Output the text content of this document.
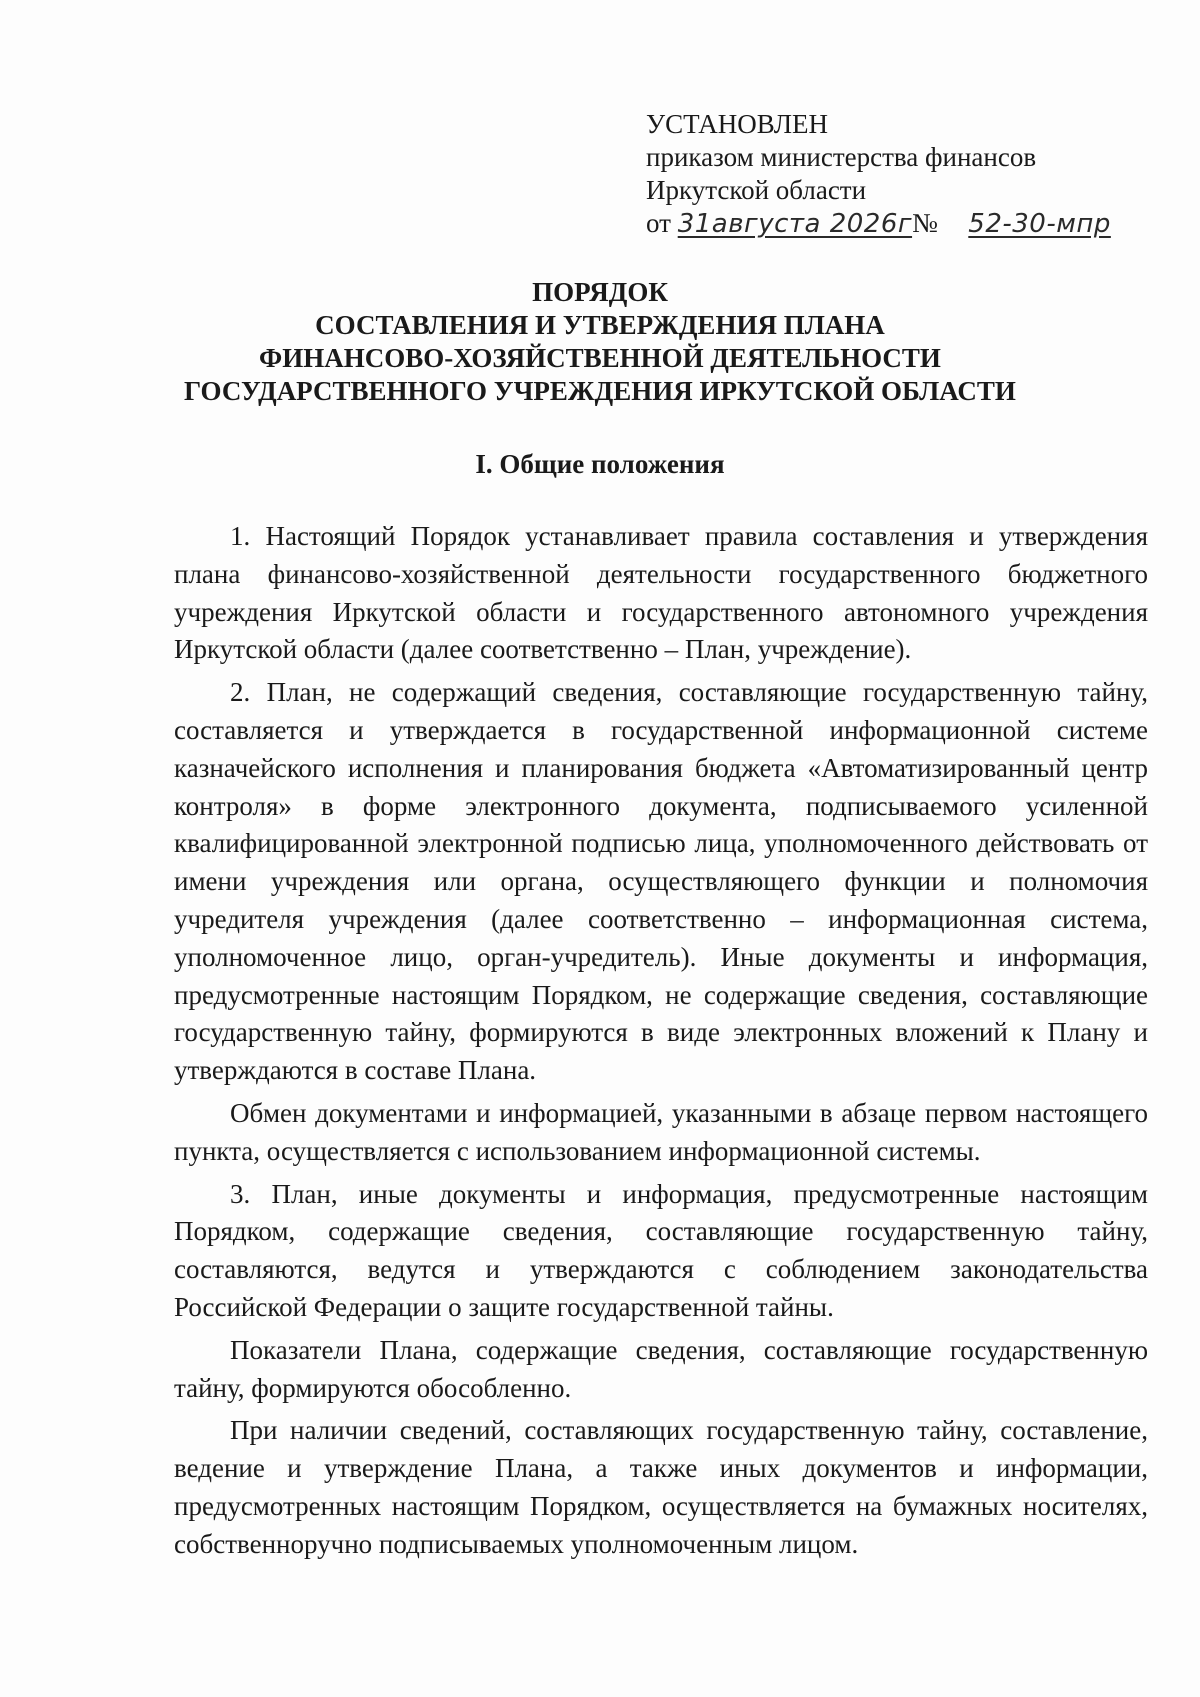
УСТАНОВЛЕН
приказом министерства финансов
Иркутской области
от 31августа 2026г№ 52-30-мпр
ПОРЯДОК
СОСТАВЛЕНИЯ И УТВЕРЖДЕНИЯ ПЛАНА
ФИНАНСОВО-ХОЗЯЙСТВЕННОЙ ДЕЯТЕЛЬНОСТИ
ГОСУДАРСТВЕННОГО УЧРЕЖДЕНИЯ ИРКУТСКОЙ ОБЛАСТИ
I. Общие положения

1. Настоящий Порядок устанавливает правила составления и утверждения плана финансово-хозяйственной деятельности государственного бюджетного учреждения Иркутской области и государственного автономного учреждения Иркутской области (далее соответственно – План, учреждение).

2. План, не содержащий сведения, составляющие государственную тайну, составляется и утверждается в государственной информационной системе казначейского исполнения и планирования бюджета «Автоматизированный центр контроля» в форме электронного документа, подписываемого усиленной квалифицированной электронной подписью лица, уполномоченного действовать от имени учреждения или органа, осуществляющего функции и полномочия учредителя учреждения (далее соответственно – информационная система, уполномоченное лицо, орган-учредитель). Иные документы и информация, предусмотренные настоящим Порядком, не содержащие сведения, составляющие государственную тайну, формируются в виде электронных вложений к Плану и утверждаются в составе Плана.

Обмен документами и информацией, указанными в абзаце первом настоящего пункта, осуществляется с использованием информационной системы.

3. План, иные документы и информация, предусмотренные настоящим Порядком, содержащие сведения, составляющие государственную тайну, составляются, ведутся и утверждаются с соблюдением законодательства Российской Федерации о защите государственной тайны.

Показатели Плана, содержащие сведения, составляющие государственную тайну, формируются обособленно.

При наличии сведений, составляющих государственную тайну, составление, ведение и утверждение Плана, а также иных документов и информации, предусмотренных настоящим Порядком, осуществляется на бумажных носителях, собственноручно подписываемых уполномоченным лицом.
